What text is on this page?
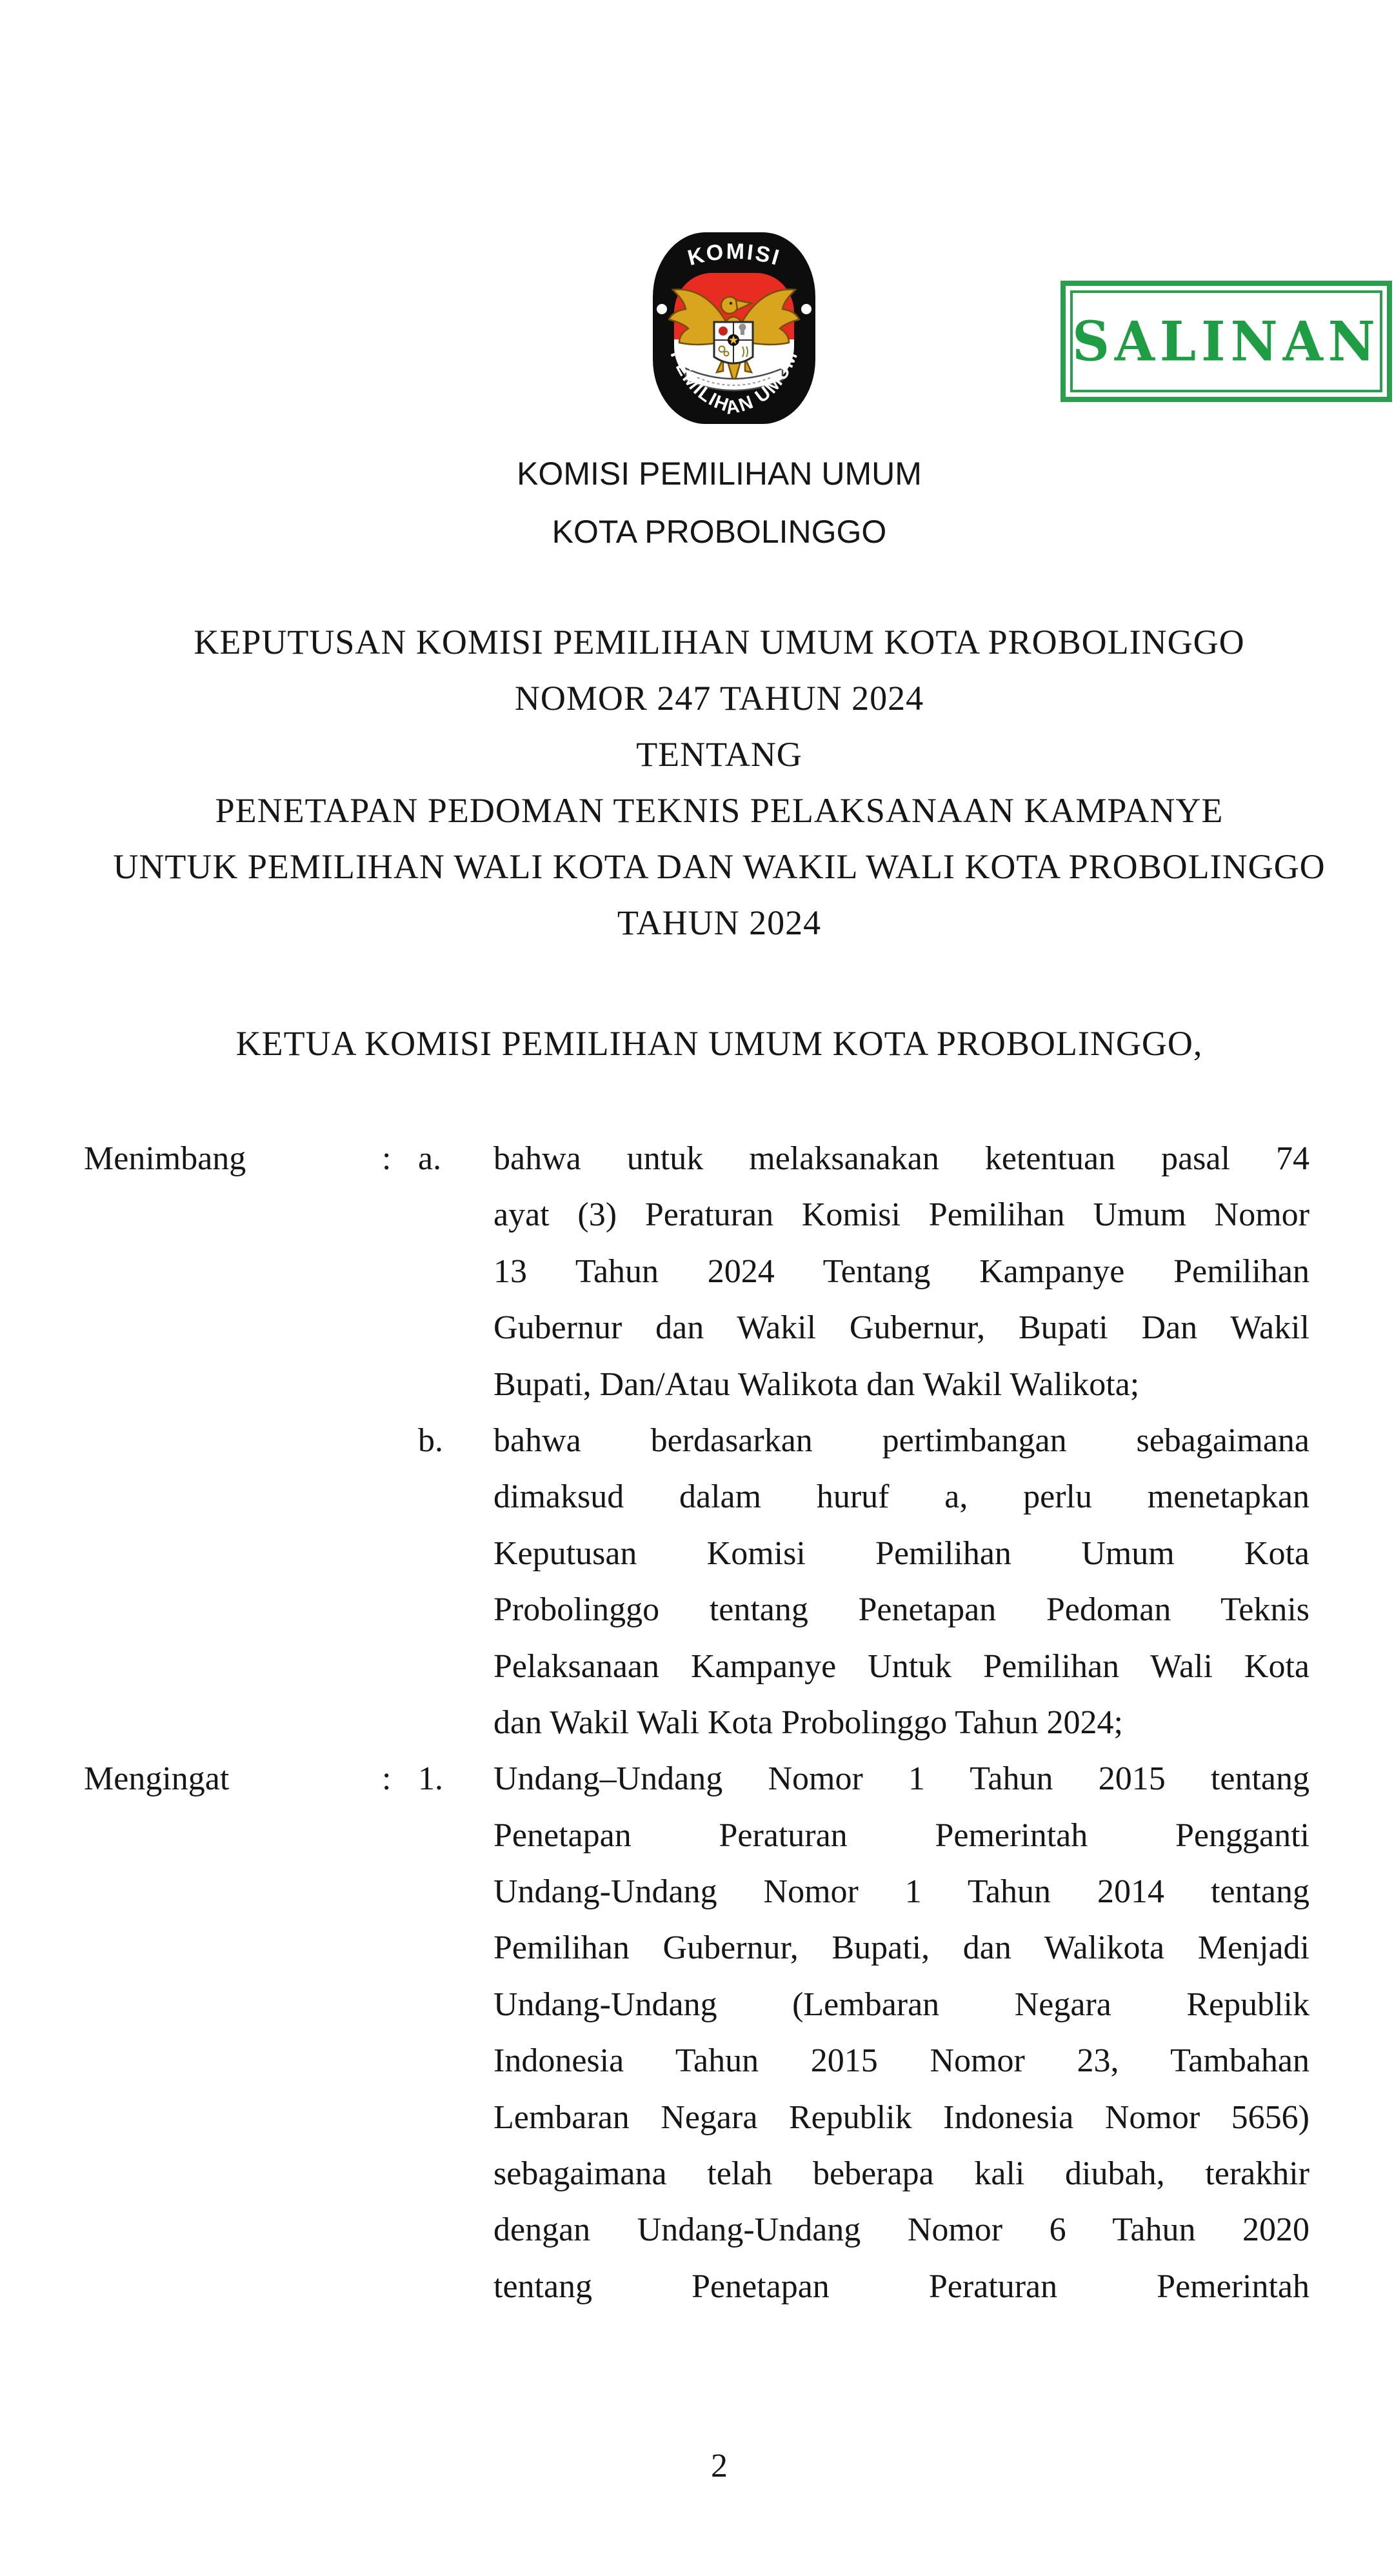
KOMISI
PEMILIHAN UMUM	SALINAN
KOMISI PEMILIHAN UMUM
KOTA PROBOLINGGO
KEPUTUSAN KOMISI PEMILIHAN UMUM KOTA PROBOLINGGO
NOMOR 247 TAHUN 2024
TENTANG
PENETAPAN PEDOMAN TEKNIS PELAKSANAAN KAMPANYE
UNTUK PEMILIHAN WALI KOTA DAN WAKIL WALI KOTA PROBOLINGGO
TAHUN 2024
KETUA KOMISI PEMILIHAN UMUM KOTA PROBOLINGGO,
Menimbang	: a.	bahwa untuk melaksanakan ketentuan pasal 74
ayat (3) Peraturan Komisi Pemilihan Umum Nomor
13 Tahun 2024 Tentang Kampanye Pemilihan
Gubernur dan Wakil Gubernur, Bupati Dan Wakil
Bupati, Dan/Atau Walikota dan Wakil Walikota;
b.	bahwa berdasarkan pertimbangan sebagaimana
dimaksud dalam huruf a, perlu menetapkan
Keputusan Komisi Pemilihan Umum Kota
Probolinggo tentang Penetapan Pedoman Teknis
Pelaksanaan Kampanye Untuk Pemilihan Wali Kota
dan Wakil Wali Kota Probolinggo Tahun 2024;
Mengingat	: 1.	Undang–Undang Nomor 1 Tahun 2015 tentang
Penetapan Peraturan Pemerintah Pengganti
Undang-Undang Nomor 1 Tahun 2014 tentang
Pemilihan Gubernur, Bupati, dan Walikota Menjadi
Undang-Undang (Lembaran Negara Republik
Indonesia Tahun 2015 Nomor 23, Tambahan
Lembaran Negara Republik Indonesia Nomor 5656)
sebagaimana telah beberapa kali diubah, terakhir
dengan Undang-Undang Nomor 6 Tahun 2020
tentang Penetapan Peraturan Pemerintah
2
